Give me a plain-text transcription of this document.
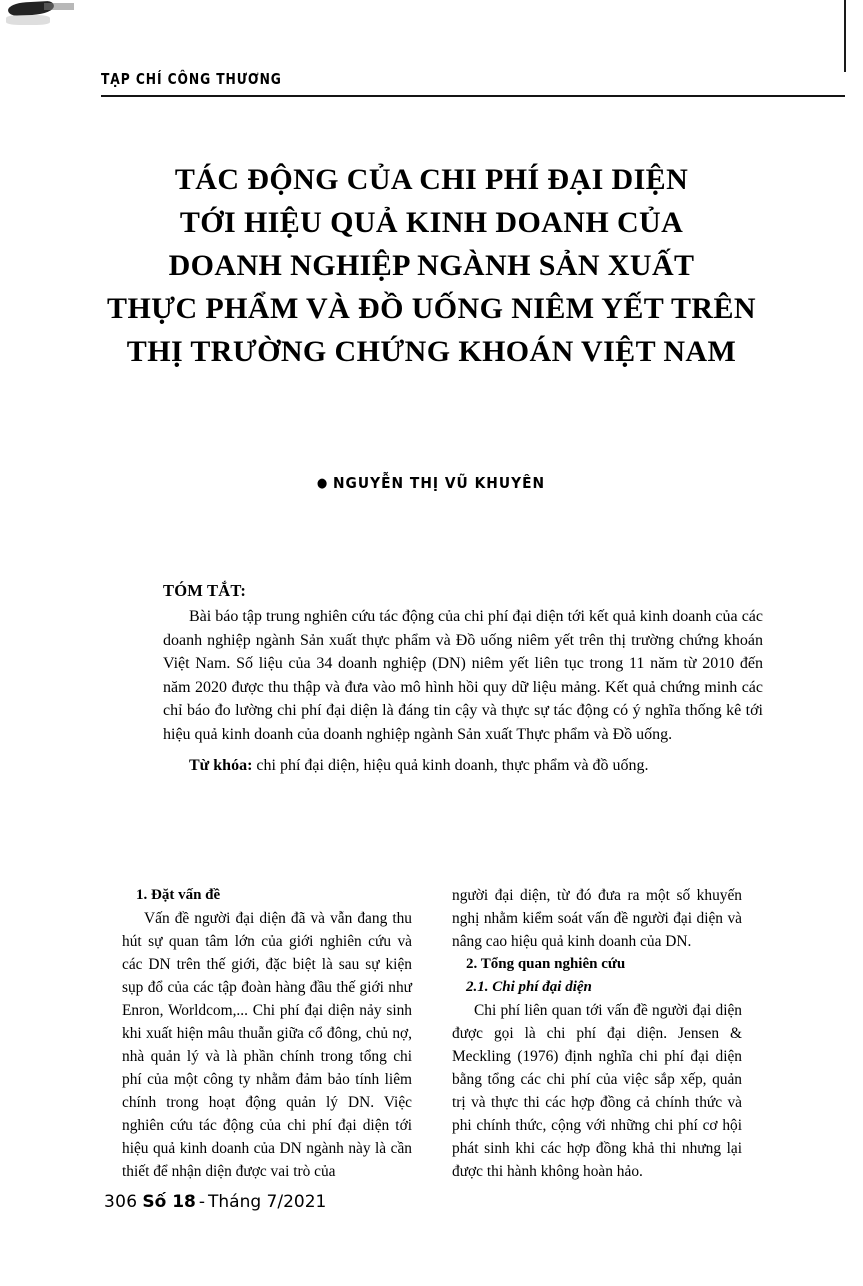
TẠP CHÍ CÔNG THƯƠNG
TÁC ĐỘNG CỦA CHI PHÍ ĐẠI DIỆN
TỚI HIỆU QUẢ KINH DOANH CỦA
DOANH NGHIỆP NGÀNH SẢN XUẤT
THỰC PHẨM VÀ ĐỒ UỐNG NIÊM YẾT TRÊN
THỊ TRƯỜNG CHỨNG KHOÁN VIỆT NAM
● NGUYỄN THỊ VŨ KHUYÊN
TÓM TẮT:

Bài báo tập trung nghiên cứu tác động của chi phí đại diện tới kết quả kinh doanh của các doanh nghiệp ngành Sản xuất thực phẩm và Đồ uống niêm yết trên thị trường chứng khoán Việt Nam. Số liệu của 34 doanh nghiệp (DN) niêm yết liên tục trong 11 năm từ 2010 đến năm 2020 được thu thập và đưa vào mô hình hồi quy dữ liệu mảng. Kết quả chứng minh các chỉ báo đo lường chi phí đại diện là đáng tin cậy và thực sự tác động có ý nghĩa thống kê tới hiệu quả kinh doanh của doanh nghiệp ngành Sản xuất Thực phẩm và Đồ uống.

Từ khóa: chi phí đại diện, hiệu quả kinh doanh, thực phẩm và đồ uống.

1. Đặt vấn đề

Vấn đề người đại diện đã và vẫn đang thu hút sự quan tâm lớn của giới nghiên cứu và các DN trên thế giới, đặc biệt là sau sự kiện sụp đổ của các tập đoàn hàng đầu thế giới như Enron, Worldcom,... Chi phí đại diện nảy sinh khi xuất hiện mâu thuẫn giữa cổ đông, chủ nợ, nhà quản lý và là phần chính trong tổng chi phí của một công ty nhằm đảm bảo tính liêm chính trong hoạt động quản lý DN. Việc nghiên cứu tác động của chi phí đại diện tới hiệu quả kinh doanh của DN ngành này là cần thiết để nhận diện được vai trò của

người đại diện, từ đó đưa ra một số khuyến nghị nhằm kiểm soát vấn đề người đại diện và nâng cao hiệu quả kinh doanh của DN.

2. Tổng quan nghiên cứu

2.1. Chi phí đại diện

Chi phí liên quan tới vấn đề người đại diện được gọi là chi phí đại diện. Jensen & Meckling (1976) định nghĩa chi phí đại diện bằng tổng các chi phí của việc sắp xếp, quản trị và thực thi các hợp đồng cả chính thức và phi chính thức, cộng với những chi phí cơ hội phát sinh khi các hợp đồng khả thi nhưng lại được thi hành không hoàn hảo.

306 Số 18 - Tháng 7/2021
